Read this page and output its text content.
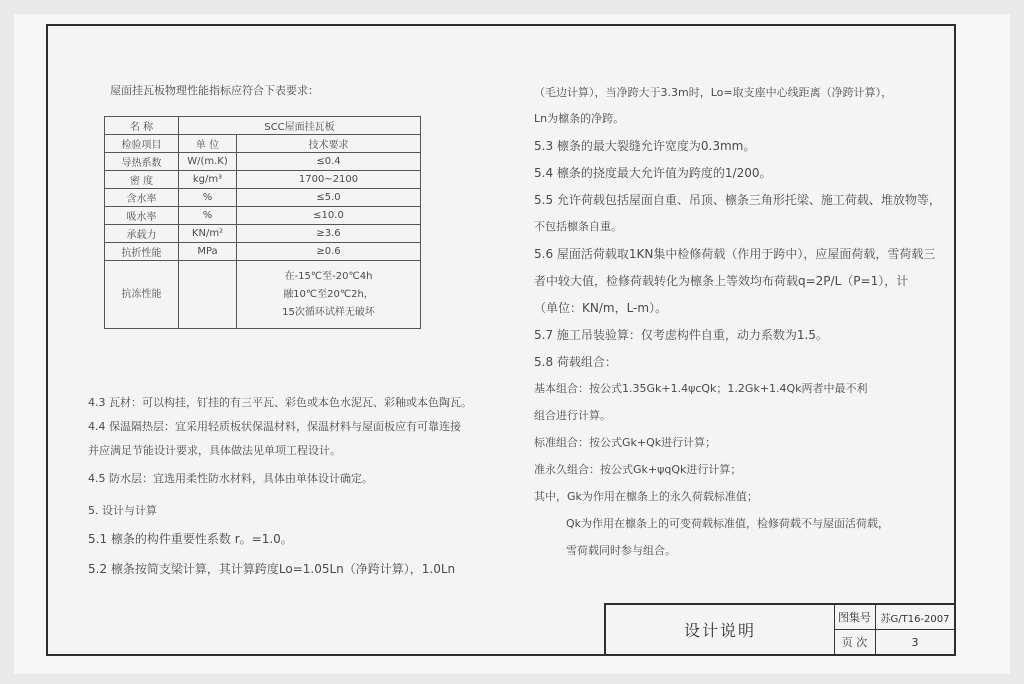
屋面挂瓦板物理性能指标应符合下表要求：
名 称	SCC屋面挂瓦板	
检验项目	单 位	技术要求
导热系数	W/(m.K)	≤0.4
密 度	kg/m³	1700~2100
含水率	%	≤5.0
吸水率	%	≤10.0
承载力	KN/m²	≥3.6
抗折性能	MPa	≥0.6
抗冻性能		在-15℃至-20℃4h
融10℃至20℃2h，
15次循环试样无破坏
4.3 瓦材：可以构挂，钉挂的有三平瓦、彩色或本色水泥瓦、彩釉或本色陶瓦。
4.4 保温隔热层：宜采用轻质板状保温材料，保温材料与屋面板应有可靠连接
并应满足节能设计要求，具体做法见单项工程设计。
4.5 防水层：宜选用柔性防水材料，具体由单体设计确定。
5. 设计与计算
5.1 檩条的构件重要性系数 r。=1.0。
5.2 檩条按简支梁计算，其计算跨度Lo=1.05Ln（净跨计算），1.0Ln
（毛边计算），当净跨大于3.3m时，Lo=取支座中心线距离（净跨计算），
Ln为檩条的净跨。
5.3 檩条的最大裂缝允许宽度为0.3mm。
5.4 檩条的挠度最大允许值为跨度的1/200。
5.5 允许荷载包括屋面自重、吊顶、檩条三角形托梁、施工荷载、堆放物等，
不包括檩条自重。
5.6 屋面活荷载取1KN集中检修荷载（作用于跨中），应屋面荷载，雪荷载三
者中较大值，检修荷载转化为檩条上等效均布荷载q=2P/L（P=1），计
（单位：KN/m，L-m）。
5.7 施工吊装验算：仅考虑构件自重，动力系数为1.5。
5.8 荷载组合：
基本组合：按公式1.35Gk+1.4ψcQk；1.2Gk+1.4Qk两者中最不利
组合进行计算。
标准组合：按公式Gk+Qk进行计算；
准永久组合：按公式Gk+ψqQk进行计算；
其中，Gk为作用在檩条上的永久荷载标准值；
Qk为作用在檩条上的可变荷载标准值，检修荷载不与屋面活荷载，
雪荷载同时参与组合。
设计说明
图集号 苏G/T16-2007
页 次	3
